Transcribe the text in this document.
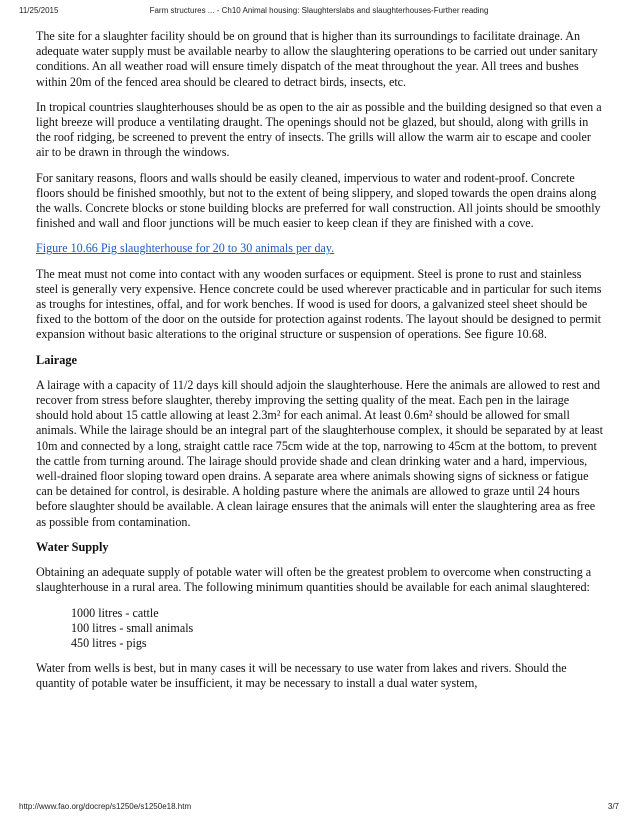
11/25/2015	Farm structures ... - Ch10 Animal housing: Slaughterslabs and slaughterhouses-Further reading

The site for a slaughter facility should be on ground that is higher than its surroundings to facilitate drainage. An adequate water supply must be available nearby to allow the slaughtering operations to be carried out under sanitary conditions. An all weather road will ensure timely dispatch of the meat throughout the year. All trees and bushes within 20m of the fenced area should be cleared to detract birds, insects, etc.

In tropical countries slaughterhouses should be as open to the air as possible and the building designed so that even a light breeze will produce a ventilating draught. The openings should not be glazed, but should, along with grills in the roof ridging, be screened to prevent the entry of insects. The grills will allow the warm air to escape and cooler air to be drawn in through the windows.

For sanitary reasons, floors and walls should be easily cleaned, impervious to water and rodent-proof. Concrete floors should be finished smoothly, but not to the extent of being slippery, and sloped towards the open drains along the walls. Concrete blocks or stone building blocks are preferred for wall construction. All joints should be smoothly finished and wall and floor junctions will be much easier to keep clean if they are finished with a cove.

Figure 10.66 Pig slaughterhouse for 20 to 30 animals per day.

The meat must not come into contact with any wooden surfaces or equipment. Steel is prone to rust and stainless steel is generally very expensive. Hence concrete could be used wherever practicable and in particular for such items as troughs for intestines, offal, and for work benches. If wood is used for doors, a galvanized steel sheet should be fixed to the bottom of the door on the outside for protection against rodents. The layout should be designed to permit expansion without basic alterations to the original structure or suspension of operations. See figure 10.68.

Lairage

A lairage with a capacity of 11/2 days kill should adjoin the slaughterhouse. Here the animals are allowed to rest and recover from stress before slaughter, thereby improving the setting quality of the meat. Each pen in the lairage should hold about 15 cattle allowing at least 2.3m² for each animal. At least 0.6m² should be allowed for small animals. While the lairage should be an integral part of the slaughterhouse complex, it should be separated by at least 10m and connected by a long, straight cattle race 75cm wide at the top, narrowing to 45cm at the bottom, to prevent the cattle from turning around. The lairage should provide shade and clean drinking water and a hard, impervious, well-drained floor sloping toward open drains. A separate area where animals showing signs of sickness or fatigue can be detained for control, is desirable. A holding pasture where the animals are allowed to graze until 24 hours before slaughter should be available. A clean lairage ensures that the animals will enter the slaughtering area as free as possible from contamination.

Water Supply

Obtaining an adequate supply of potable water will often be the greatest problem to overcome when constructing a slaughterhouse in a rural area. The following minimum quantities should be available for each animal slaughtered:

1000 litres - cattle
100 litres - small animals
450 litres - pigs

Water from wells is best, but in many cases it will be necessary to use water from lakes and rivers. Should the quantity of potable water be insufficient, it may be necessary to install a dual water system,

http://www.fao.org/docrep/s1250e/s1250e18.htm	3/7
